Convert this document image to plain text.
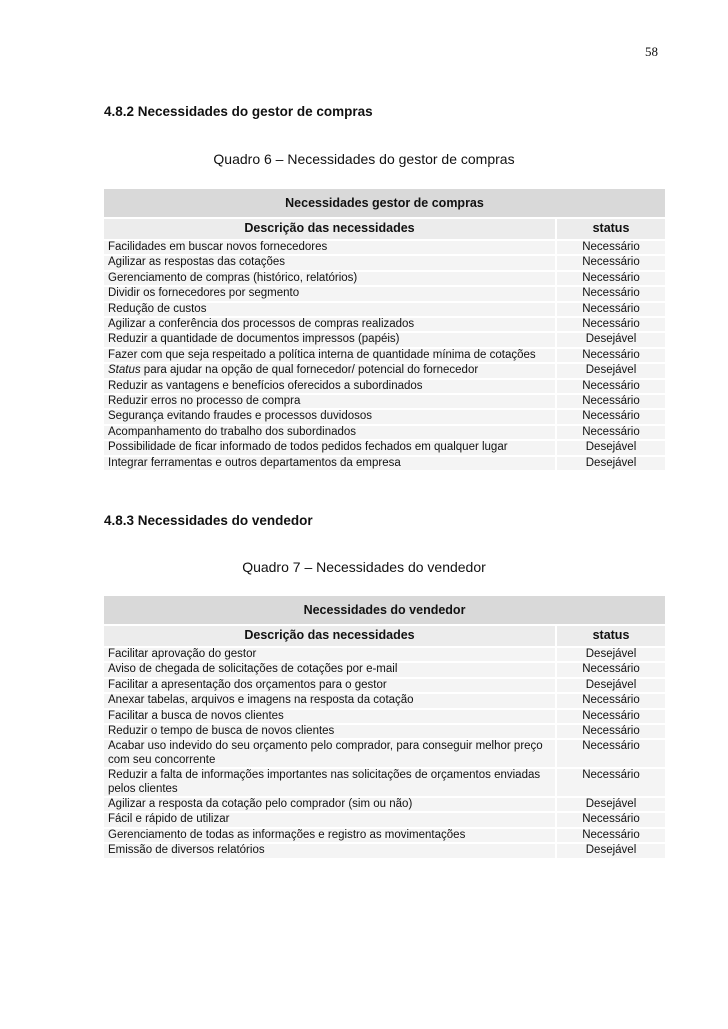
58
4.8.2 Necessidades do gestor de compras
Quadro 6 – Necessidades do gestor de compras
Necessidades gestor de compras	
Descrição das necessidades	status
Facilidades em buscar novos fornecedores	Necessário
Agilizar as respostas das cotações	Necessário
Gerenciamento de compras (histórico, relatórios)	Necessário
Dividir os fornecedores por segmento	Necessário
Redução de custos	Necessário
Agilizar a conferência dos processos de compras realizados	Necessário
Reduzir a quantidade de documentos impressos (papéis)	Desejável
Fazer com que seja respeitado a política interna de quantidade mínima de cotações	Necessário
Status para ajudar na opção de qual fornecedor/ potencial do fornecedor	Desejável
Reduzir as vantagens e benefícios oferecidos a subordinados	Necessário
Reduzir erros no processo de compra	Necessário
Segurança evitando fraudes e processos duvidosos	Necessário
Acompanhamento do trabalho dos subordinados	Necessário
Possibilidade de ficar informado de todos pedidos fechados em qualquer lugar	Desejável
Integrar ferramentas e outros departamentos da empresa	Desejável
4.8.3 Necessidades do vendedor
Quadro 7 – Necessidades do vendedor
Necessidades do vendedor	
Descrição das necessidades	status
Facilitar aprovação do gestor	Desejável
Aviso de chegada de solicitações de cotações por e-mail	Necessário
Facilitar a apresentação dos orçamentos para o gestor	Desejável
Anexar tabelas, arquivos e imagens na resposta da cotação	Necessário
Facilitar a busca de novos clientes	Necessário
Reduzir o tempo de busca de novos clientes	Necessário
Acabar uso indevido do seu orçamento pelo comprador, para conseguir melhor preço com seu concorrente	Necessário
Reduzir a falta de informações importantes nas solicitações de orçamentos enviadas pelos clientes	Necessário
Agilizar a resposta da cotação pelo comprador (sim ou não)	Desejável
Fácil e rápido de utilizar	Necessário
Gerenciamento de todas as informações e registro as movimentações	Necessário
Emissão de diversos relatórios	Desejável
